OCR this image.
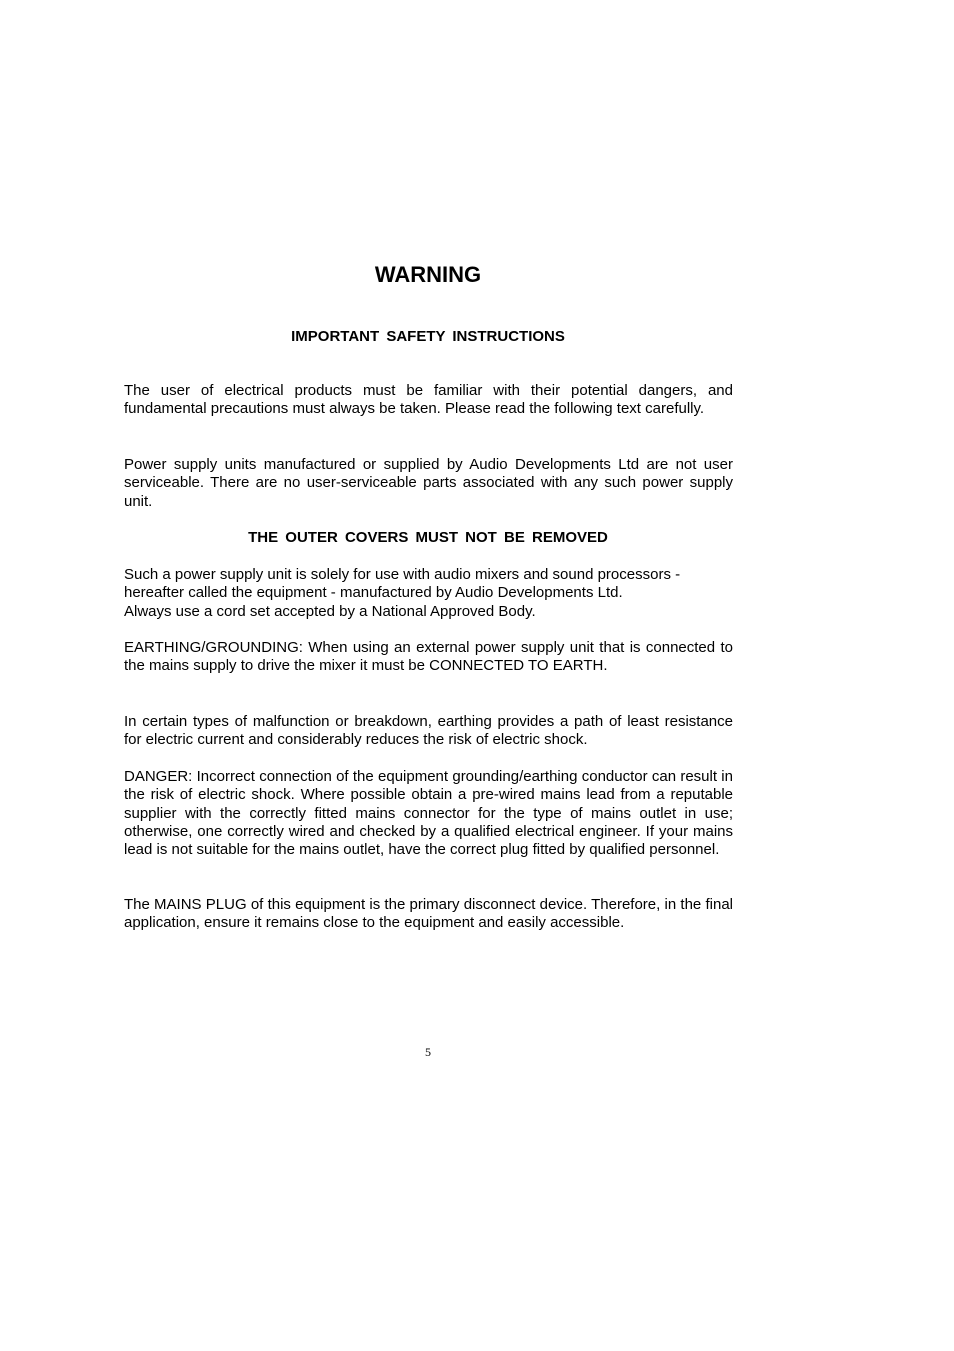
WARNING
IMPORTANT SAFETY INSTRUCTIONS

The user of electrical products must be familiar with their potential dangers, and fundamental precautions must always be taken. Please read the following text carefully.

Power supply units manufactured or supplied by Audio Developments Ltd are not user serviceable. There are no user-serviceable parts associated with any such power supply unit.

THE OUTER COVERS MUST NOT BE REMOVED

Such a power supply unit is solely for use with audio mixers and sound processors -
hereafter called the equipment - manufactured by Audio Developments Ltd.
Always use a cord set accepted by a National Approved Body.

EARTHING/GROUNDING: When using an external power supply unit that is connected to the mains supply to drive the mixer it must be CONNECTED TO EARTH.

In certain types of malfunction or breakdown, earthing provides a path of least resistance for electric current and considerably reduces the risk of electric shock.

DANGER: Incorrect connection of the equipment grounding/earthing conductor can result in the risk of electric shock. Where possible obtain a pre-wired mains lead from a reputable supplier with the correctly fitted mains connector for the type of mains outlet in use; otherwise, one correctly wired and checked by a qualified electrical engineer. If your mains lead is not suitable for the mains outlet, have the correct plug fitted by qualified personnel.

The MAINS PLUG of this equipment is the primary disconnect device. Therefore, in the final application, ensure it remains close to the equipment and easily accessible.

5
